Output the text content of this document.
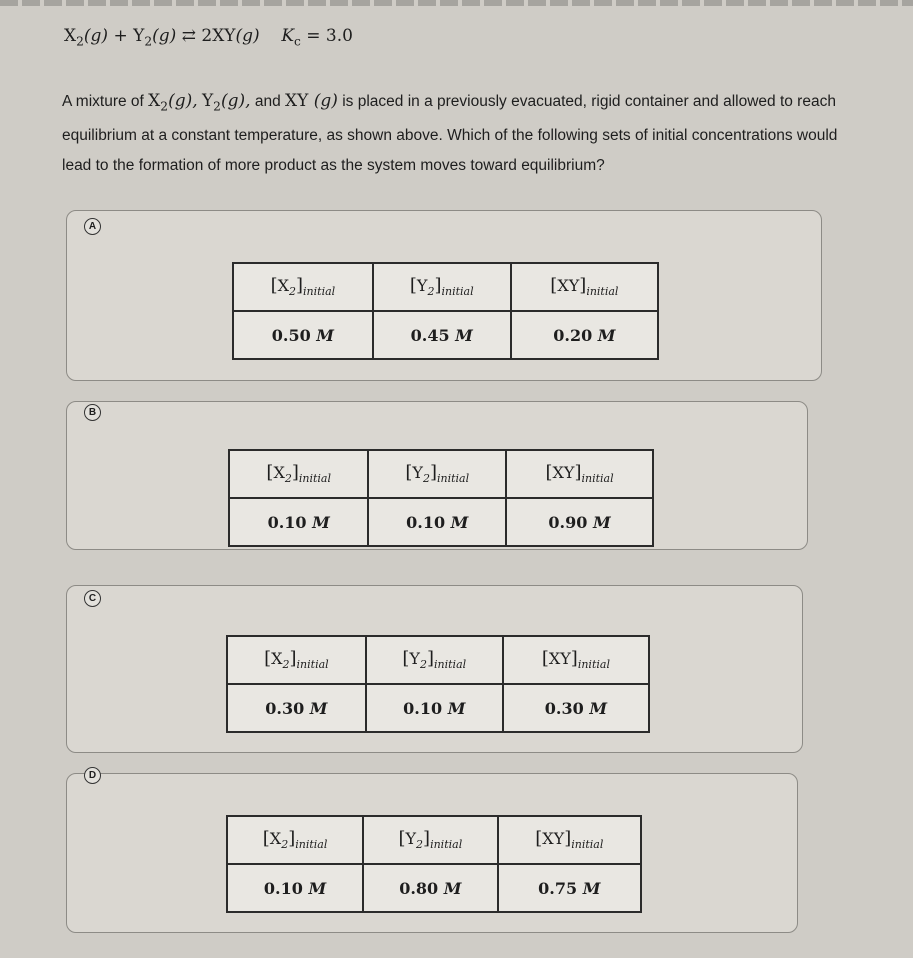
$X_2(g) + Y_2(g)$ ⇄ 2XY(g) $K_c = 3.0$
A mixture of $X_2(g)$, $Y_2(g)$, and XY (g) is placed in a previously evacuated, rigid container and allowed to reach equilibrium at a constant temperature, as shown above. Which of the following sets of initial concentrations would lead to the formation of more product as the system moves toward equilibrium?
A
$[X_2]_{initial}$	$[Y_2]_{initial}$	$[XY]_{initial}$
0.50 M	0.45 M	0.20 M
B
$[X_2]_{initial}$	$[Y_2]_{initial}$	$[XY]_{initial}$
0.10 M	0.10 M	0.90 M
C
$[X_2]_{initial}$	$[Y_2]_{initial}$	$[XY]_{initial}$
0.30 M	0.10 M	0.30 M
D
$[X_2]_{initial}$	$[Y_2]_{initial}$	$[XY]_{initial}$
0.10 M	0.80 M	0.75 M
